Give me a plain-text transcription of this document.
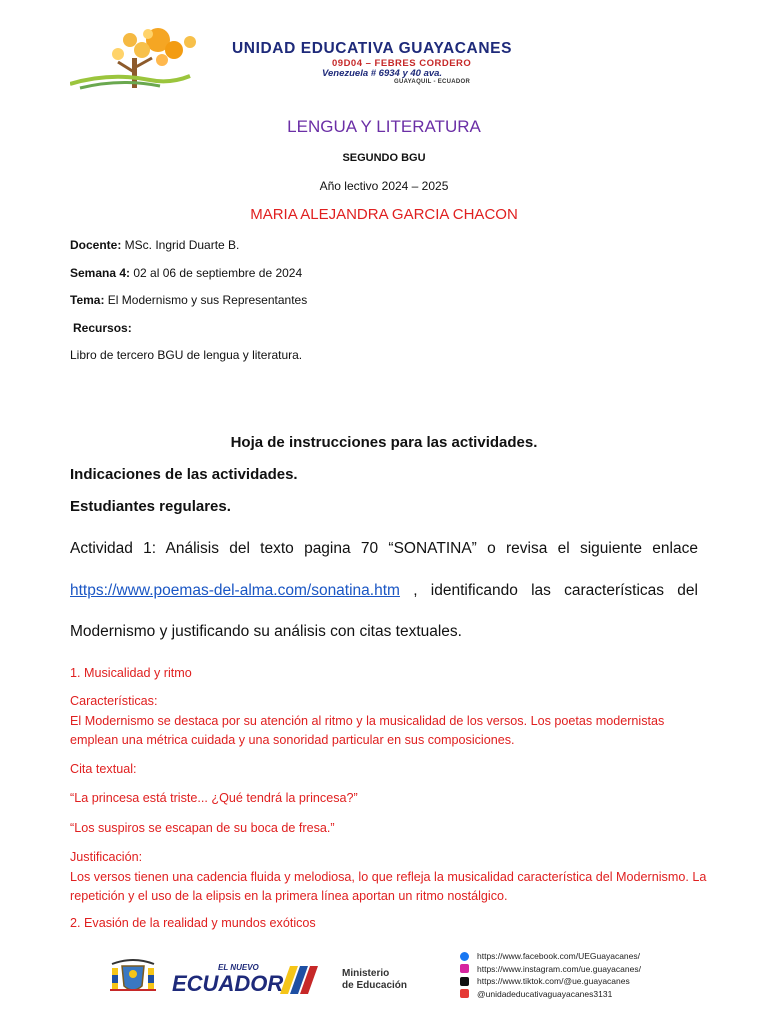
UNIDAD EDUCATIVA GUAYACANES
09D04 – FEBRES CORDERO
Venezuela # 6934 y 40 ava.
GUAYAQUIL - ECUADOR
LENGUA Y LITERATURA
SEGUNDO BGU
Año lectivo 2024 – 2025
MARIA ALEJANDRA GARCIA CHACON
Docente: MSc. Ingrid Duarte B.
Semana 4: 02 al 06 de septiembre de 2024
Tema: El Modernismo y sus Representantes
Recursos:
Libro de tercero BGU de lengua y literatura.
Hoja de instrucciones para las actividades.
Indicaciones de las actividades.
Estudiantes regulares.
Actividad 1: Análisis del texto pagina 70 “SONATINA” o revisa el siguiente enlace https://www.poemas-del-alma.com/sonatina.htm , identificando las características del Modernismo y justificando su análisis con citas textuales.
1. Musicalidad y ritmo
Características:
El Modernismo se destaca por su atención al ritmo y la musicalidad de los versos. Los poetas modernistas emplean una métrica cuidada y una sonoridad particular en sus composiciones.
Cita textual:
“La princesa está triste... ¿Qué tendrá la princesa?”
“Los suspiros se escapan de su boca de fresa.”
Justificación:
Los versos tienen una cadencia fluida y melodiosa, lo que refleja la musicalidad característica del Modernismo. La repetición y el uso de la elipsis en la primera línea aportan un ritmo nostálgico.
2. Evasión de la realidad y mundos exóticos
EL NUEVO
ECUADOR	Ministerio
de Educación
https://www.facebook.com/UEGuayacanes/
https://www.instagram.com/ue.guayacanes/
https://www.tiktok.com/@ue.guayacanes
@unidadeducativaguayacanes3131
